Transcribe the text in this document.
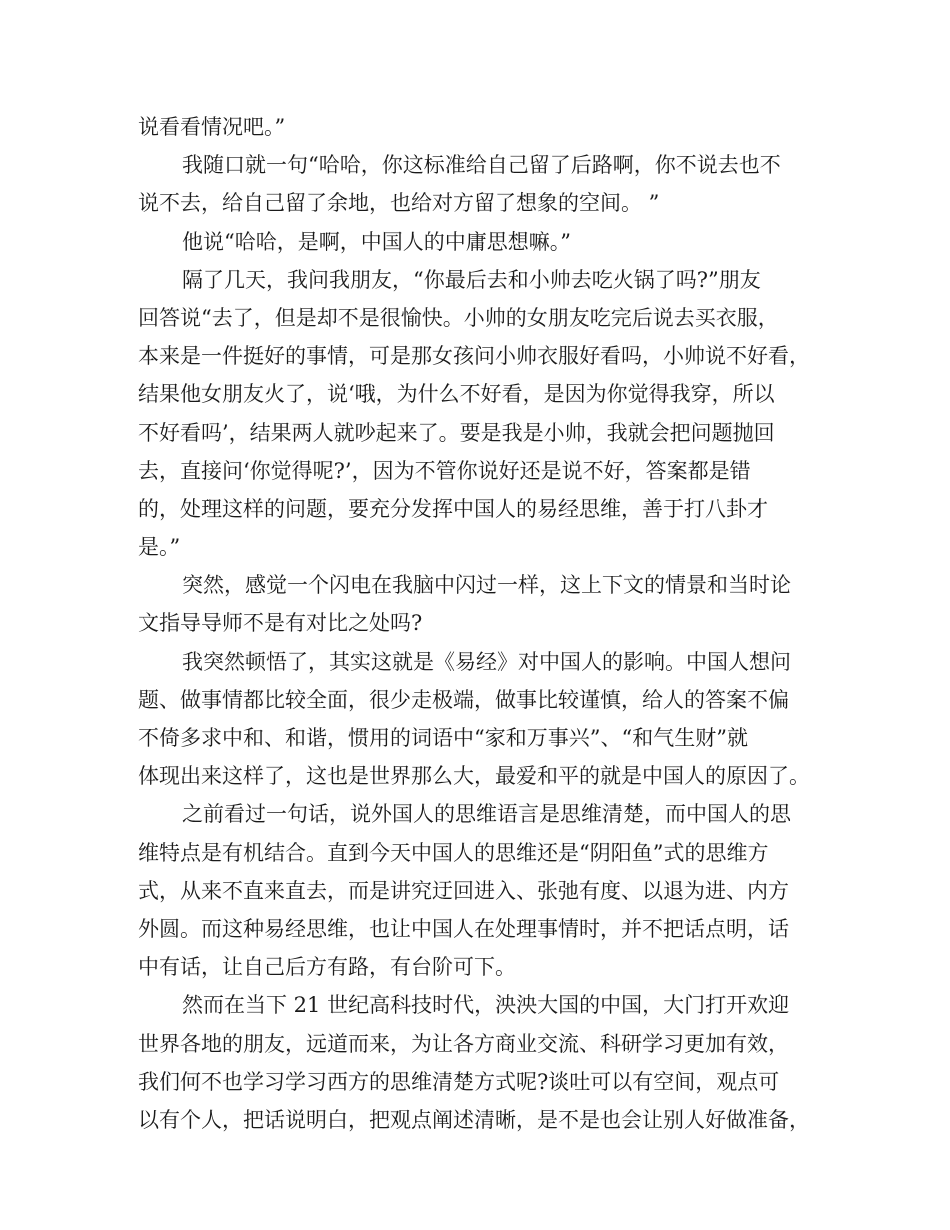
说看看情况吧。”
我随口就一句“哈哈，你这标准给自己留了后路啊，你不说去也不
说不去，给自己留了余地，也给对方留了想象的空间。 ”
他说“哈哈，是啊，中国人的中庸思想嘛。”
隔了几天，我问我朋友，“你最后去和小帅去吃火锅了吗?”朋友
回答说“去了，但是却不是很愉快。小帅的女朋友吃完后说去买衣服，
本来是一件挺好的事情，可是那女孩问小帅衣服好看吗，小帅说不好看，
结果他女朋友火了，说‘哦，为什么不好看，是因为你觉得我穿，所以
不好看吗’，结果两人就吵起来了。要是我是小帅，我就会把问题抛回
去，直接问‘你觉得呢?’，因为不管你说好还是说不好，答案都是错
的，处理这样的问题，要充分发挥中国人的易经思维，善于打八卦才
是。”
突然，感觉一个闪电在我脑中闪过一样，这上下文的情景和当时论
文指导导师不是有对比之处吗?
我突然顿悟了，其实这就是《易经》对中国人的影响。中国人想问
题、做事情都比较全面，很少走极端，做事比较谨慎，给人的答案不偏
不倚多求中和、和谐，惯用的词语中“家和万事兴”、“和气生财”就
体现出来这样了，这也是世界那么大，最爱和平的就是中国人的原因了。
之前看过一句话，说外国人的思维语言是思维清楚，而中国人的思
维特点是有机结合。直到今天中国人的思维还是“阴阳鱼”式的思维方
式，从来不直来直去，而是讲究迂回进入、张弛有度、以退为进、内方
外圆。而这种易经思维，也让中国人在处理事情时，并不把话点明，话
中有话，让自己后方有路，有台阶可下。
然而在当下 21 世纪高科技时代，泱泱大国的中国，大门打开欢迎
世界各地的朋友，远道而来，为让各方商业交流、科研学习更加有效，
我们何不也学习学习西方的思维清楚方式呢?谈吐可以有空间，观点可
以有个人，把话说明白，把观点阐述清晰，是不是也会让别人好做准备，
